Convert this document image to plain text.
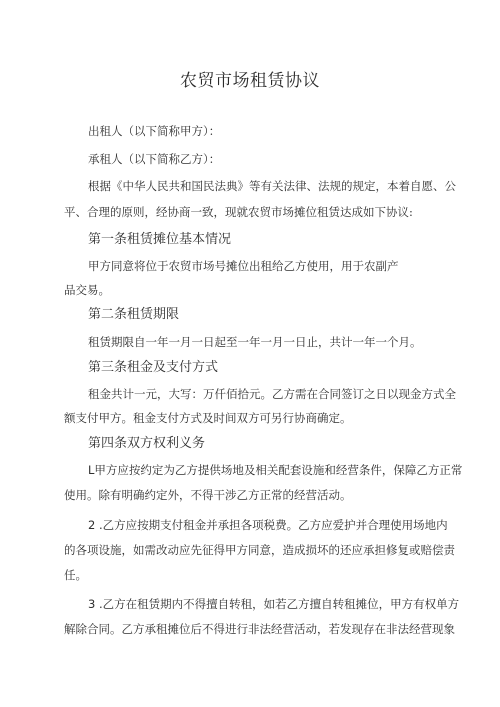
农贸市场租赁协议
出租人（以下简称甲方）：
承租人（以下简称乙方）：
根据《中华人民共和国民法典》等有关法律、法规的规定，本着自愿、公
平、合理的原则，经协商一致，现就农贸市场摊位租赁达成如下协议:
第一条租赁摊位基本情况
甲方同意将位于农贸市场号摊位出租给乙方使用，用于农副产
品交易。
第二条租赁期限
租赁期限自一年一月一日起至一年一月一日止，共计一年一个月。
第三条租金及支付方式
租金共计一元，大写：万仟佰拾元。乙方需在合同签订之日以现金方式全
额支付甲方。租金支付方式及时间双方可另行协商确定。
第四条双方权利义务
L甲方应按约定为乙方提供场地及相关配套设施和经营条件，保障乙方正常
使用。除有明确约定外，不得干涉乙方正常的经营活动。
2 .乙方应按期支付租金并承担各项税费。乙方应爱护并合理使用场地内
的各项设施，如需改动应先征得甲方同意，造成损坏的还应承担修复或赔偿责
任。
3 .乙方在租赁期内不得擅自转租，如若乙方擅自转租摊位，甲方有权单方
解除合同。乙方承租摊位后不得进行非法经营活动，若发现存在非法经营现象
